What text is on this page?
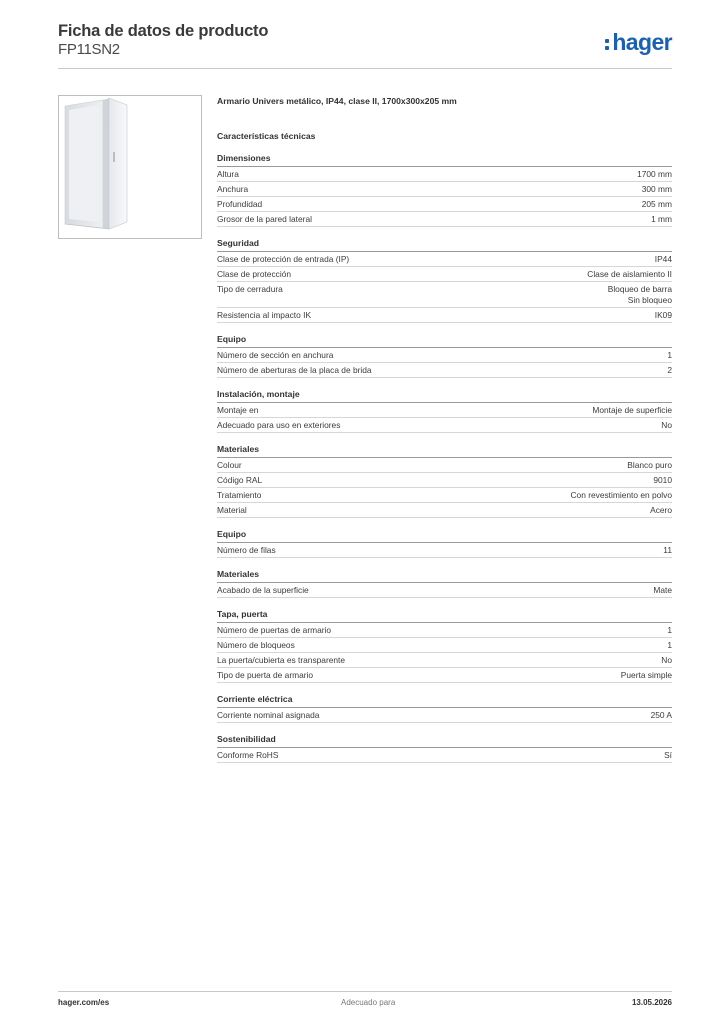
Ficha de datos de producto
FP11SN2	hager
Armario Univers metálico, IP44, clase II, 1700x300x205 mm
Características técnicas
Dimensiones
Altura	1700 mm
Anchura	300 mm
Profundidad	205 mm
Grosor de la pared lateral	1 mm
Seguridad
Clase de protección de entrada (IP)	IP44
Clase de protección	Clase de aislamiento II
Tipo de cerradura	Bloqueo de barra
Sin bloqueo
Resistencia al impacto IK	IK09
Equipo
Número de sección en anchura	1
Número de aberturas de la placa de brida	2
Instalación, montaje
Montaje en	Montaje de superficie
Adecuado para uso en exteriores	No
Materiales
Colour	Blanco puro
Código RAL	9010
Tratamiento	Con revestimiento en polvo
Material	Acero
Equipo
Número de filas	11
Materiales
Acabado de la superficie	Mate
Tapa, puerta
Número de puertas de armario	1
Número de bloqueos	1
La puerta/cubierta es transparente	No
Tipo de puerta de armario	Puerta simple
Corriente eléctrica
Corriente nominal asignada	250 A
Sostenibilidad
Conforme RoHS	Sí
hager.com/es	Adecuado para	13.05.2026
